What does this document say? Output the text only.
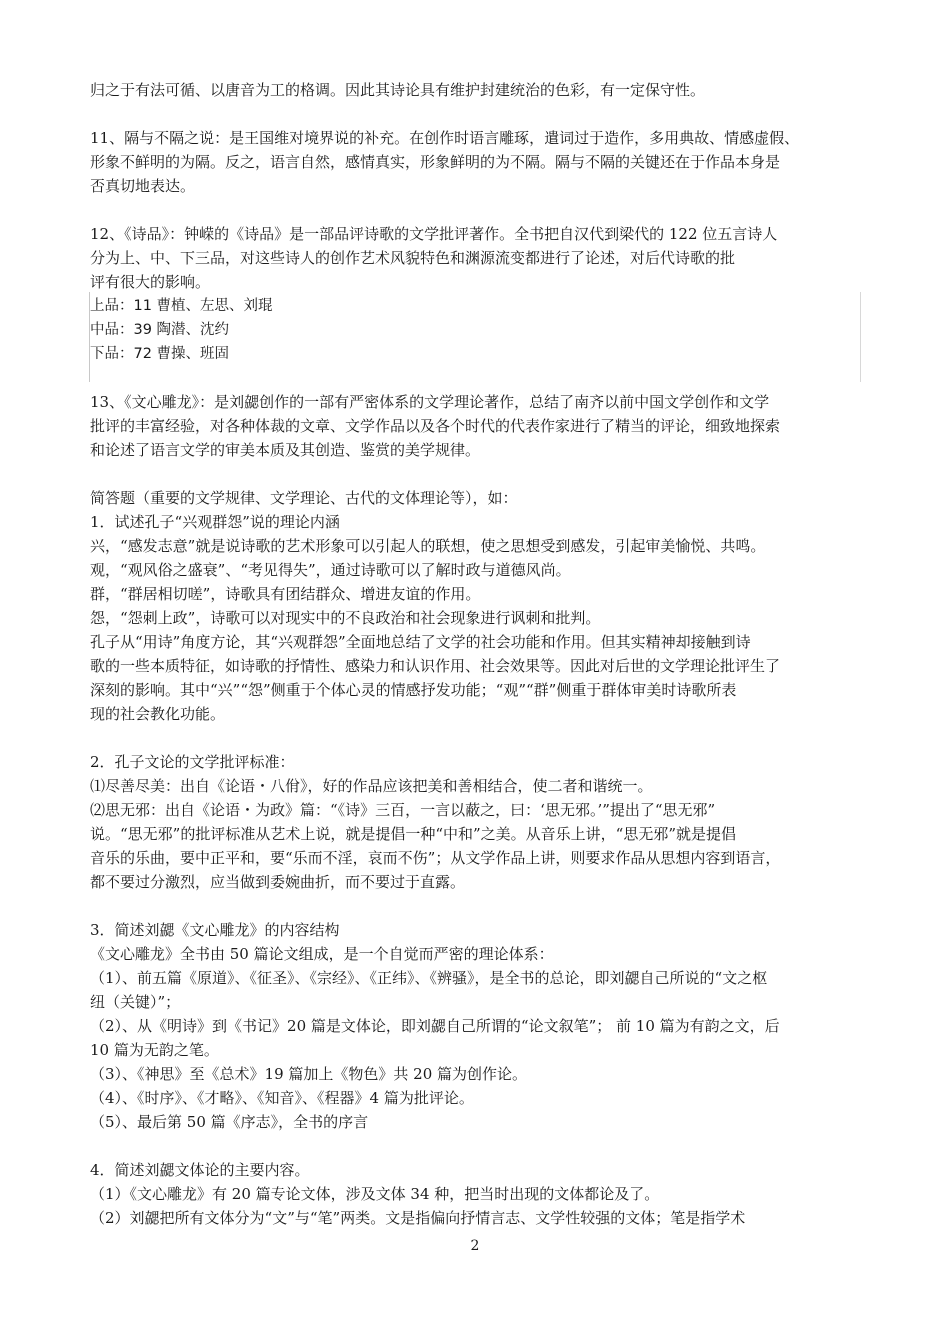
归之于有法可循、以唐音为工的格调。因此其诗论具有维护封建统治的色彩，有一定保守性。
11、隔与不隔之说：是王国维对境界说的补充。在创作时语言雕琢，遣词过于造作，多用典故、情感虚假、
形象不鲜明的为隔。反之，语言自然，感情真实，形象鲜明的为不隔。隔与不隔的关键还在于作品本身是
否真切地表达。
12、《诗品》：钟嵘的《诗品》是一部品评诗歌的文学批评著作。全书把自汉代到梁代的 122 位五言诗人
分为上、中、下三品，对这些诗人的创作艺术风貌特色和渊源流变都进行了论述，对后代诗歌的批
评有很大的影响。
上品：11 曹植、左思、刘琨
中品：39 陶潜、沈约
下品：72 曹操、班固
13、《文心雕龙》：是刘勰创作的一部有严密体系的文学理论著作，总结了南齐以前中国文学创作和文学
批评的丰富经验，对各种体裁的文章、文学作品以及各个时代的代表作家进行了精当的评论，细致地探索
和论述了语言文学的审美本质及其创造、鉴赏的美学规律。
简答题（重要的文学规律、文学理论、古代的文体理论等），如：
1．试述孔子“兴观群怨”说的理论内涵
兴，“感发志意”就是说诗歌的艺术形象可以引起人的联想，使之思想受到感发，引起审美愉悦、共鸣。
观，“观风俗之盛衰”、“考见得失”，通过诗歌可以了解时政与道德风尚。
群，“群居相切嗟”，诗歌具有团结群众、增进友谊的作用。
怨，“怨刺上政”，诗歌可以对现实中的不良政治和社会现象进行讽刺和批判。
孔子从“用诗”角度方论，其“兴观群怨”全面地总结了文学的社会功能和作用。但其实精神却接触到诗
歌的一些本质特征，如诗歌的抒情性、感染力和认识作用、社会效果等。因此对后世的文学理论批评生了
深刻的影响。其中“兴”“怨”侧重于个体心灵的情感抒发功能；“观”“群”侧重于群体审美时诗歌所表
现的社会教化功能。
2．孔子文论的文学批评标准：
⑴尽善尽美：出自《论语・八佾》，好的作品应该把美和善相结合，使二者和谐统一。
⑵思无邪：出自《论语・为政》篇：“《诗》三百，一言以蔽之，曰：‘思无邪。’”提出了“思无邪”
说。“思无邪”的批评标准从艺术上说，就是提倡一种“中和”之美。从音乐上讲，“思无邪”就是提倡
音乐的乐曲，要中正平和，要“乐而不淫，哀而不伤”；从文学作品上讲，则要求作品从思想内容到语言，
都不要过分激烈，应当做到委婉曲折，而不要过于直露。
3．简述刘勰《文心雕龙》的内容结构
《文心雕龙》全书由 50 篇论文组成，是一个自觉而严密的理论体系：
（1）、前五篇《原道》、《征圣》、《宗经》、《正纬》、《辨骚》，是全书的总论，即刘勰自己所说的“文之枢
纽（关键）”；
（2）、从《明诗》到《书记》20 篇是文体论，即刘勰自己所谓的“论文叙笔”； 前 10 篇为有韵之文，后
10 篇为无韵之笔。
（3）、《神思》至《总术》19 篇加上《物色》共 20 篇为创作论。
（4）、《时序》、《才略》、《知音》、《程器》4 篇为批评论。
（5）、最后第 50 篇《序志》，全书的序言
4．简述刘勰文体论的主要内容。
（1）《文心雕龙》有 20 篇专论文体，涉及文体 34 种，把当时出现的文体都论及了。
（2）刘勰把所有文体分为“文”与“笔”两类。文是指偏向抒情言志、文学性较强的文体；笔是指学术
2
